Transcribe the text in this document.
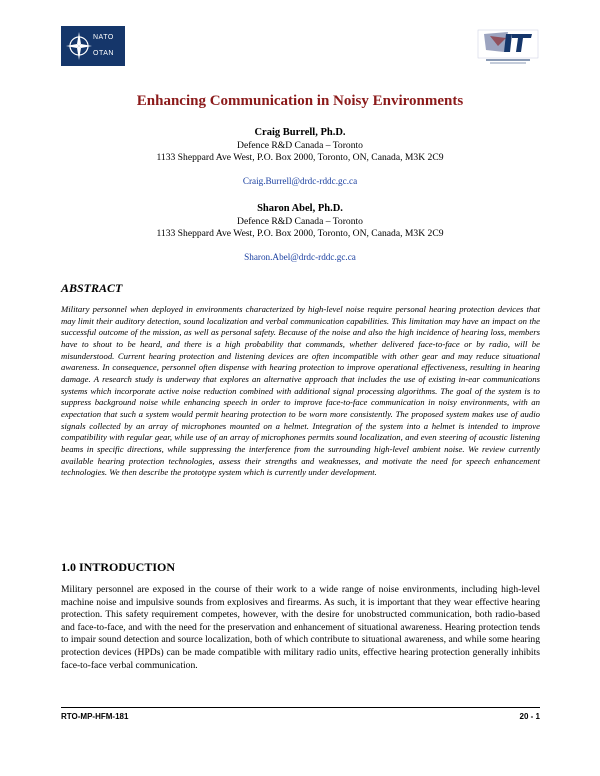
NATO
OTAN
Enhancing Communication in Noisy Environments
Craig Burrell, Ph.D.
Defence R&D Canada – Toronto
1133 Sheppard Ave West, P.O. Box 2000, Toronto, ON, Canada, M3K 2C9
Craig.Burrell@drdc-rddc.gc.ca
Sharon Abel, Ph.D.
Defence R&D Canada – Toronto
1133 Sheppard Ave West, P.O. Box 2000, Toronto, ON, Canada, M3K 2C9
Sharon.Abel@drdc-rddc.gc.ca
ABSTRACT
Military personnel when deployed in environments characterized by high-level noise require personal hearing protection devices that may limit their auditory detection, sound localization and verbal communication capabilities. This limitation may have an impact on the successful outcome of the mission, as well as personal safety. Because of the noise and also the high incidence of hearing loss, members have to shout to be heard, and there is a high probability that commands, whether delivered face-to-face or by radio, will be misunderstood. Current hearing protection and listening devices are often incompatible with other gear and may reduce situational awareness. In consequence, personnel often dispense with hearing protection to improve operational effectiveness, resulting in hearing damage. A research study is underway that explores an alternative approach that includes the use of existing in-ear communications systems which incorporate active noise reduction combined with additional signal processing algorithms. The goal of the system is to suppress background noise while enhancing speech in order to improve face-to-face communication in noisy environments, with an expectation that such a system would permit hearing protection to be worn more consistently. The proposed system makes use of audio signals collected by an array of microphones mounted on a helmet. Integration of the system into a helmet is intended to improve compatibility with regular gear, while use of an array of microphones permits sound localization, and even steering of acoustic listening beams in specific directions, while suppressing the interference from the surrounding high-level ambient noise. We review currently available hearing protection technologies, assess their strengths and weaknesses, and motivate the need for speech enhancement technologies. We then describe the prototype system which is currently under development.
1.0 INTRODUCTION
Military personnel are exposed in the course of their work to a wide range of noise environments, including high-level machine noise and impulsive sounds from explosives and firearms. As such, it is important that they wear effective hearing protection. This safety requirement competes, however, with the desire for unobstructed communication, both radio-based and face-to-face, and with the need for the preservation and enhancement of situational awareness. Hearing protection tends to impair sound detection and source localization, both of which contribute to situational awareness, and while some hearing protection devices (HPDs) can be made compatible with military radio units, effective hearing protection generally inhibits face-to-face verbal communication.
RTO-MP-HFM-181	20 - 1
